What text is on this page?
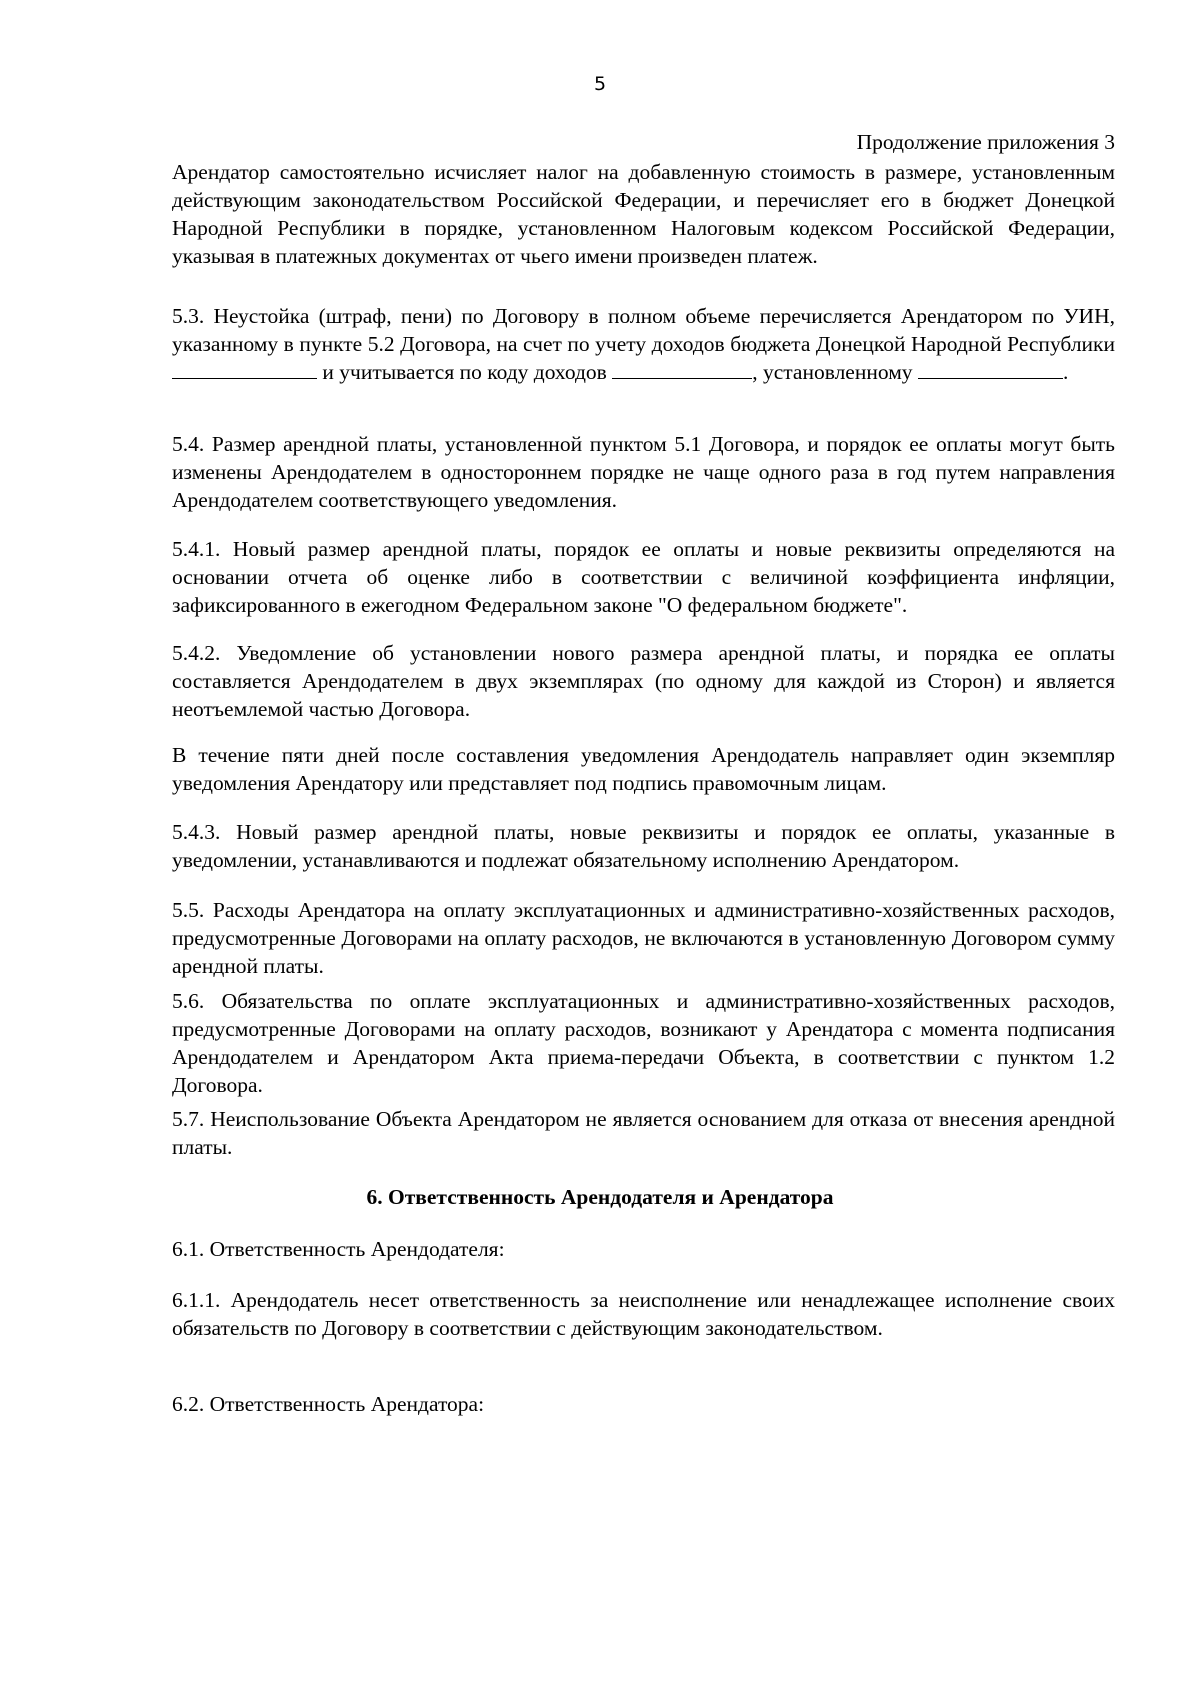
5
Продолжение приложения 3

Арендатор самостоятельно исчисляет налог на добавленную стоимость в размере, установленным действующим законодательством Российской Федерации, и перечисляет его в бюджет Донецкой Народной Республики в порядке, установленном Налоговым кодексом Российской Федерации, указывая в платежных документах от чьего имени произведен платеж.

5.3. Неустойка (штраф, пени) по Договору в полном объеме перечисляется Арендатором по УИН, указанному в пункте 5.2 Договора, на счет по учету доходов бюджета Донецкой Народной Республики  и учитывается по коду доходов	, установленному	.

5.4. Размер арендной платы, установленной пунктом 5.1 Договора, и порядок ее оплаты могут быть изменены Арендодателем в одностороннем порядке не чаще одного раза в год путем направления Арендодателем соответствующего уведомления.

5.4.1. Новый размер арендной платы, порядок ее оплаты и новые реквизиты определяются на основании отчета об оценке либо в соответствии с величиной коэффициента инфляции, зафиксированного в ежегодном Федеральном законе "О федеральном бюджете".

5.4.2. Уведомление об установлении нового размера арендной платы, и порядка ее оплаты составляется Арендодателем в двух экземплярах (по одному для каждой из Сторон) и является неотъемлемой частью Договора.

В течение пяти дней после составления уведомления Арендодатель направляет один экземпляр уведомления Арендатору или представляет под подпись правомочным лицам.

5.4.3. Новый размер арендной платы, новые реквизиты и порядок ее оплаты, указанные в уведомлении, устанавливаются и подлежат обязательному исполнению Арендатором.

5.5. Расходы Арендатора на оплату эксплуатационных и административно-хозяйственных расходов, предусмотренные Договорами на оплату расходов, не включаются в установленную Договором сумму арендной платы.

5.6. Обязательства по оплате эксплуатационных и административно-хозяйственных расходов, предусмотренные Договорами на оплату расходов, возникают у Арендатора с момента подписания Арендодателем и Арендатором Акта приема-передачи Объекта, в соответствии с пунктом 1.2 Договора.

5.7. Неиспользование Объекта Арендатором не является основанием для отказа от внесения арендной платы.

6. Ответственность Арендодателя и Арендатора

6.1. Ответственность Арендодателя:

6.1.1. Арендодатель несет ответственность за неисполнение или ненадлежащее исполнение своих обязательств по Договору в соответствии с действующим законодательством.

6.2. Ответственность Арендатора:
